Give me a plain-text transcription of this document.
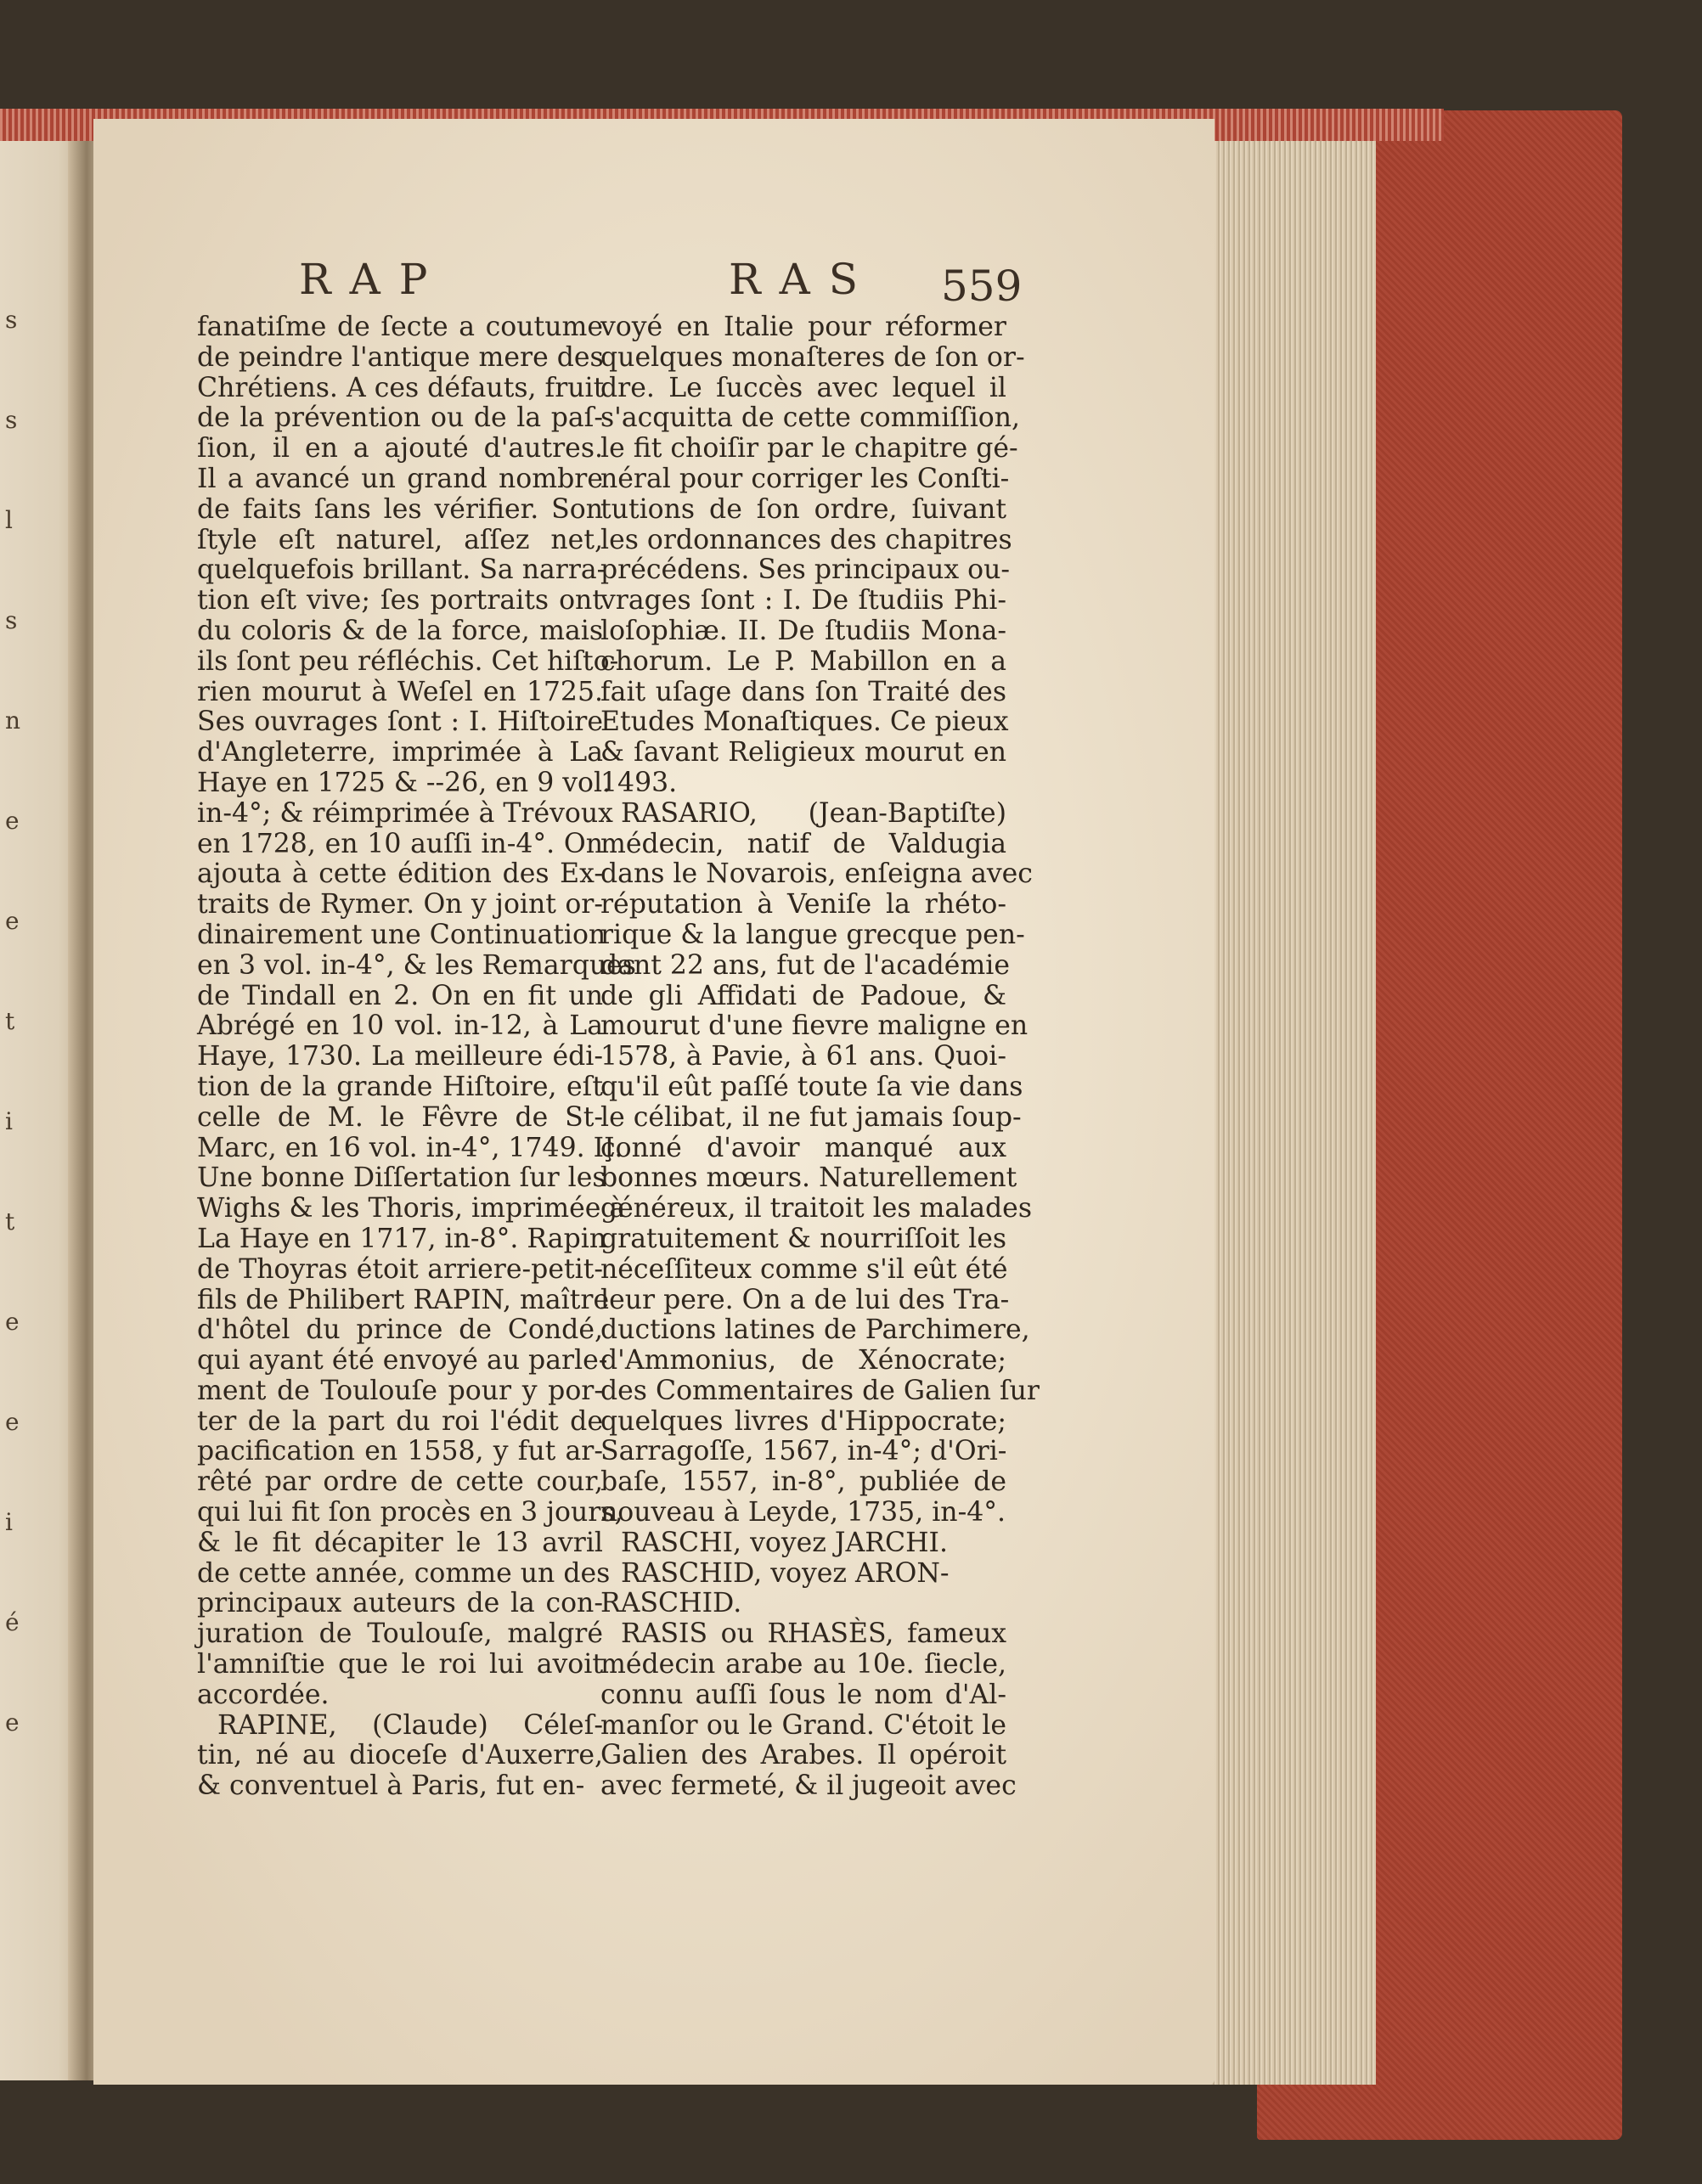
s
s
l
s
n
e
e
t
i
t
e
e
i
é
e
RAP	RAS 559
fanatiſme de ſecte a coutume
de peindre l'antique mere des
Chrétiens. A ces défauts, fruit
de la prévention ou de la paſ-
ſion, il en a ajouté d'autres.
Il a avancé un grand nombre
de faits ſans les vérifier. Son
ſtyle eſt naturel, aſſez net,
quelquefois brillant. Sa narra-
tion eſt vive; ſes portraits ont
du coloris & de la force, mais
ils ſont peu réfléchis. Cet hiſto-
rien mourut à Weſel en 1725.
Ses ouvrages ſont : I. Hiſtoire
d'Angleterre, imprimée à La
Haye en 1725 & --26, en 9 vol.
in-4°; & réimprimée à Trévoux
en 1728, en 10 auſſi in-4°. On
ajouta à cette édition des Ex-
traits de Rymer. On y joint or-
dinairement une Continuation
en 3 vol. in-4°, & les Remarques
de Tindall en 2. On en fit un
Abrégé en 10 vol. in-12, à La
Haye, 1730. La meilleure édi-
tion de la grande Hiſtoire, eſt
celle de M. le Fêvre de St-
Marc, en 16 vol. in-4°, 1749. II.
Une bonne Diſſertation ſur les
Wighs & les Thoris, imprimée à
La Haye en 1717, in-8°. Rapin
de Thoyras étoit arriere-petit-
fils de Philibert RAPIN, maître
d'hôtel du prince de Condé,
qui ayant été envoyé au parle-
ment de Toulouſe pour y por-
ter de la part du roi l'édit de
pacification en 1558, y fut ar-
rêté par ordre de cette cour,
qui lui fit ſon procès en 3 jours,
& le fit décapiter le 13 avril
de cette année, comme un des
principaux auteurs de la con-
juration de Toulouſe, malgré
l'amniſtie que le roi lui avoit
accordée.
RAPINE, (Claude) Céleſ-
tin, né au dioceſe d'Auxerre,
& conventuel à Paris, fut en-
voyé en Italie pour réformer
quelques monaſteres de ſon or-
dre. Le ſuccès avec lequel il
s'acquitta de cette commiſſion,
le fit choiſir par le chapitre gé-
néral pour corriger les Conſti-
tutions de ſon ordre, ſuivant
les ordonnances des chapitres
précédens. Ses principaux ou-
vrages ſont : I. De ſtudiis Phi-
loſophiæ. II. De ſtudiis Mona-
chorum. Le P. Mabillon en a
fait uſage dans ſon Traité des
Etudes Monaſtiques. Ce pieux
& ſavant Religieux mourut en
1493.
RASARIO, (Jean-Baptiſte)
médecin, natif de Valdugia
dans le Novarois, enſeigna avec
réputation à Veniſe la rhéto-
rique & la langue grecque pen-
dant 22 ans, fut de l'académie
de gli Affidati de Padoue, &
mourut d'une fievre maligne en
1578, à Pavie, à 61 ans. Quoi-
qu'il eût paſſé toute ſa vie dans
le célibat, il ne fut jamais ſoup-
çonné d'avoir manqué aux
bonnes mœurs. Naturellement
généreux, il traitoit les malades
gratuitement & nourriſſoit les
néceſſiteux comme s'il eût été
leur pere. On a de lui des Tra-
ductions latines de Parchimere,
d'Ammonius, de Xénocrate;
des Commentaires de Galien ſur
quelques livres d'Hippocrate;
Sarragoſſe, 1567, in-4°; d'Ori-
baſe, 1557, in-8°, publiée de
nouveau à Leyde, 1735, in-4°.
RASCHI, voyez JARCHI.
RASCHID, voyez ARON-
RASCHID.
RASIS ou RHASÈS, fameux
médecin arabe au 10e. ſiecle,
connu auſſi ſous le nom d'Al-
manſor ou le Grand. C'étoit le
Galien des Arabes. Il opéroit
avec fermeté, & il jugeoit avec
